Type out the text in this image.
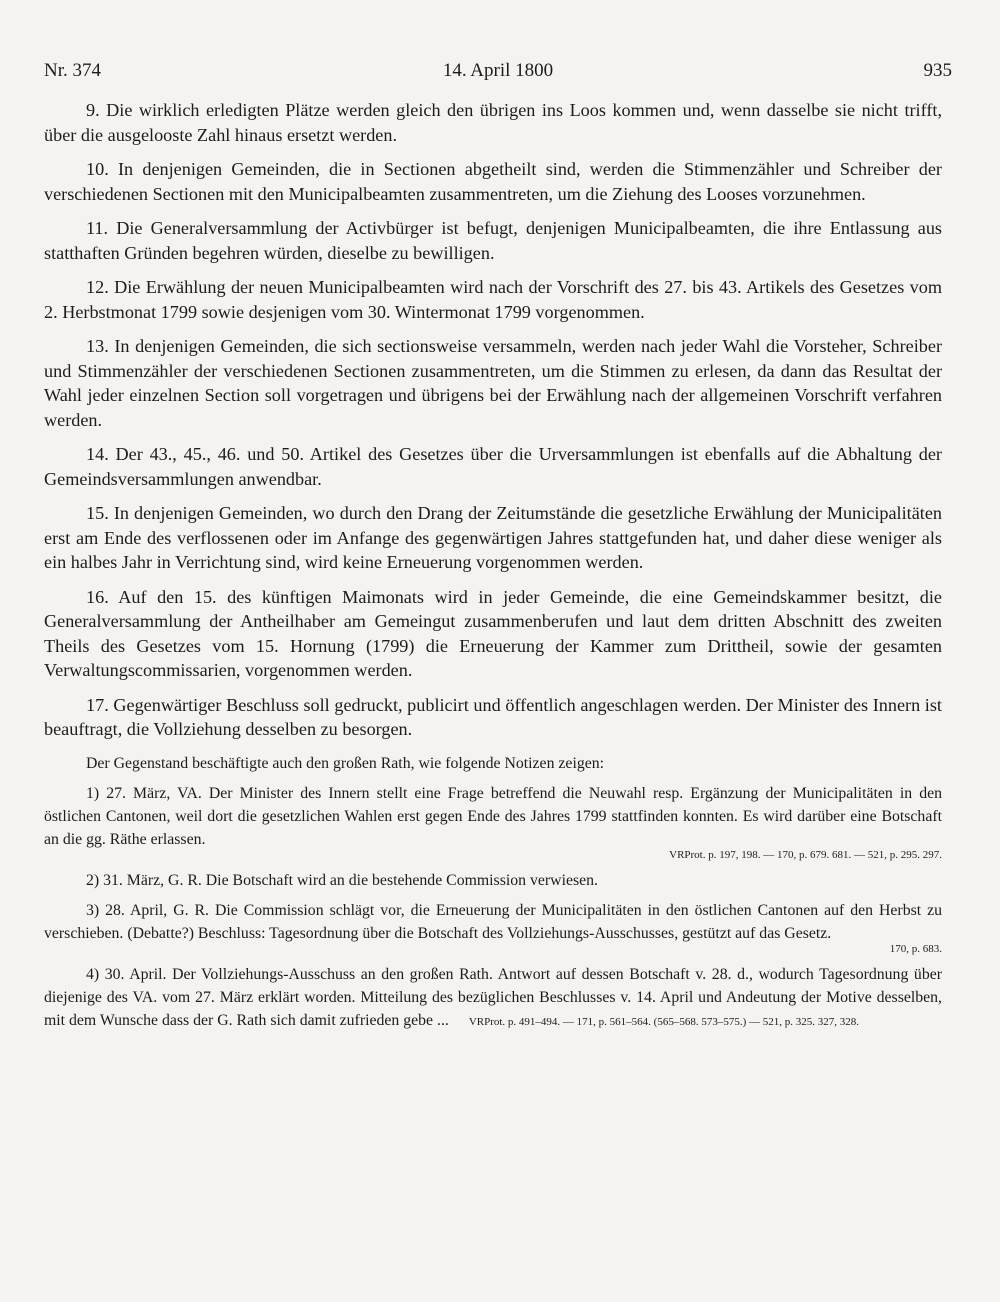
Nr. 374	14. April 1800	935

9. Die wirklich erledigten Plätze werden gleich den übrigen ins Loos kommen und, wenn dasselbe sie nicht trifft, über die ausgelooste Zahl hinaus ersetzt werden.

10. In denjenigen Gemeinden, die in Sectionen abgetheilt sind, werden die Stimmenzähler und Schreiber der verschiedenen Sectionen mit den Municipalbeamten zusammentreten, um die Ziehung des Looses vorzunehmen.

11. Die Generalversammlung der Activbürger ist befugt, denjenigen Municipalbeamten, die ihre Entlassung aus statthaften Gründen begehren würden, dieselbe zu bewilligen.

12. Die Erwählung der neuen Municipalbeamten wird nach der Vorschrift des 27. bis 43. Artikels des Gesetzes vom 2. Herbstmonat 1799 sowie desjenigen vom 30. Wintermonat 1799 vorgenommen.

13. In denjenigen Gemeinden, die sich sectionsweise versammeln, werden nach jeder Wahl die Vorsteher, Schreiber und Stimmenzähler der verschiedenen Sectionen zusammentreten, um die Stimmen zu erlesen, da dann das Resultat der Wahl jeder einzelnen Section soll vorgetragen und übrigens bei der Erwählung nach der allgemeinen Vorschrift verfahren werden.

14. Der 43., 45., 46. und 50. Artikel des Gesetzes über die Urversammlungen ist ebenfalls auf die Abhaltung der Gemeindsversammlungen anwendbar.

15. In denjenigen Gemeinden, wo durch den Drang der Zeitumstände die gesetzliche Erwählung der Municipalitäten erst am Ende des verflossenen oder im Anfange des gegenwärtigen Jahres stattgefunden hat, und daher diese weniger als ein halbes Jahr in Verrichtung sind, wird keine Erneuerung vorgenommen werden.

16. Auf den 15. des künftigen Maimonats wird in jeder Gemeinde, die eine Gemeindskammer besitzt, die Generalversammlung der Antheilhaber am Gemeingut zusammenberufen und laut dem dritten Abschnitt des zweiten Theils des Gesetzes vom 15. Hornung (1799) die Erneuerung der Kammer zum Drittheil, sowie der gesamten Verwaltungscommissarien, vorgenommen werden.

17. Gegenwärtiger Beschluss soll gedruckt, publicirt und öffentlich angeschlagen werden. Der Minister des Innern ist beauftragt, die Vollziehung desselben zu besorgen.

Der Gegenstand beschäftigte auch den großen Rath, wie folgende Notizen zeigen:

1) 27. März, VA. Der Minister des Innern stellt eine Frage betreffend die Neuwahl resp. Ergänzung der Municipalitäten in den östlichen Cantonen, weil dort die gesetzlichen Wahlen erst gegen Ende des Jahres 1799 stattfinden konnten. Es wird darüber eine Botschaft an die gg. Räthe erlassen.
VRProt. p. 197, 198. — 170, p. 679. 681. — 521, p. 295. 297.

2) 31. März, G. R. Die Botschaft wird an die bestehende Commission verwiesen.

3) 28. April, G. R. Die Commission schlägt vor, die Erneuerung der Municipalitäten in den östlichen Cantonen auf den Herbst zu verschieben. (Debatte?) Beschluss: Tagesordnung über die Botschaft des Vollziehungs-Ausschusses, gestützt auf das Gesetz.
170, p. 683.

4) 30. April. Der Vollziehungs-Ausschuss an den großen Rath. Antwort auf dessen Botschaft v. 28. d., wodurch Tagesordnung über diejenige des VA. vom 27. März erklärt worden. Mitteilung des bezüglichen Beschlusses v. 14. April und Andeutung der Motive desselben, mit dem Wunsche dass der G. Rath sich damit zufrieden gebe ... VRProt. p. 491–494. — 171, p. 561–564. (565–568. 573–575.) — 521, p. 325. 327, 328.
